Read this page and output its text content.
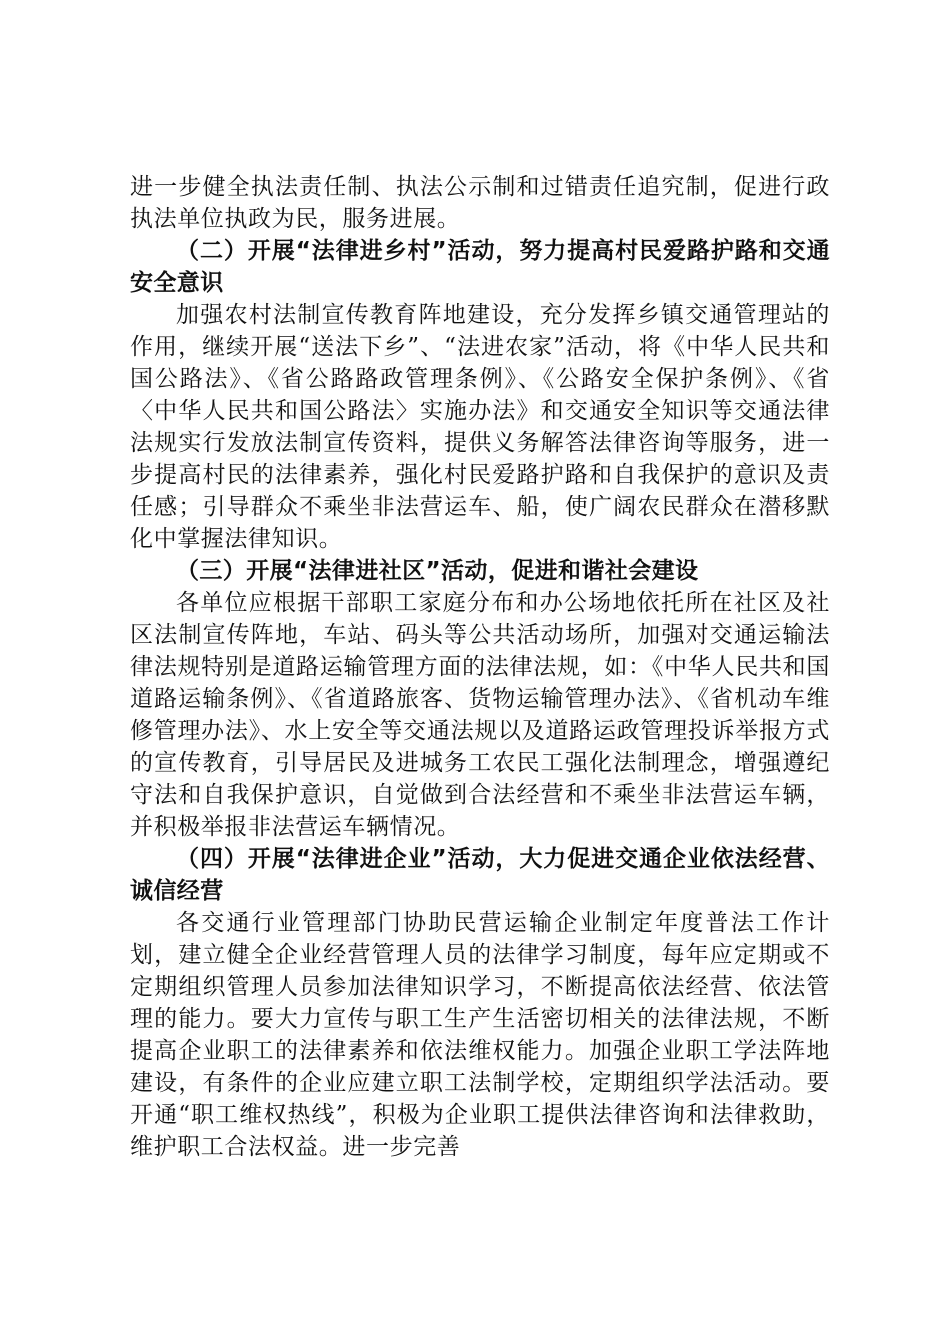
进一步健全执法责任制、执法公示制和过错责任追究制，促进行政执法单位执政为民，服务进展。

（二）开展“法律进乡村”活动，努力提高村民爱路护路和交通安全意识

加强农村法制宣传教育阵地建设，充分发挥乡镇交通管理站的作用，继续开展“送法下乡”、“法进农家”活动，将《中华人民共和国公路法》、《省公路路政管理条例》、《公路安全保护条例》、《省〈中华人民共和国公路法〉实施办法》和交通安全知识等交通法律法规实行发放法制宣传资料，提供义务解答法律咨询等服务，进一步提高村民的法律素养，强化村民爱路护路和自我保护的意识及责任感；引导群众不乘坐非法营运车、船，使广阔农民群众在潜移默化中掌握法律知识。

（三）开展“法律进社区”活动，促进和谐社会建设

各单位应根据干部职工家庭分布和办公场地依托所在社区及社区法制宣传阵地，车站、码头等公共活动场所，加强对交通运输法律法规特别是道路运输管理方面的法律法规，如：《中华人民共和国道路运输条例》、《省道路旅客、货物运输管理办法》、《省机动车维修管理办法》、水上安全等交通法规以及道路运政管理投诉举报方式的宣传教育，引导居民及进城务工农民工强化法制理念，增强遵纪守法和自我保护意识，自觉做到合法经营和不乘坐非法营运车辆，并积极举报非法营运车辆情况。

（四）开展“法律进企业”活动，大力促进交通企业依法经营、诚信经营

各交通行业管理部门协助民营运输企业制定年度普法工作计划，建立健全企业经营管理人员的法律学习制度，每年应定期或不定期组织管理人员参加法律知识学习，不断提高依法经营、依法管理的能力。要大力宣传与职工生产生活密切相关的法律法规，不断提高企业职工的法律素养和依法维权能力。加强企业职工学法阵地建设，有条件的企业应建立职工法制学校，定期组织学法活动。要开通“职工维权热线”，积极为企业职工提供法律咨询和法律救助，维护职工合法权益。进一步完善
